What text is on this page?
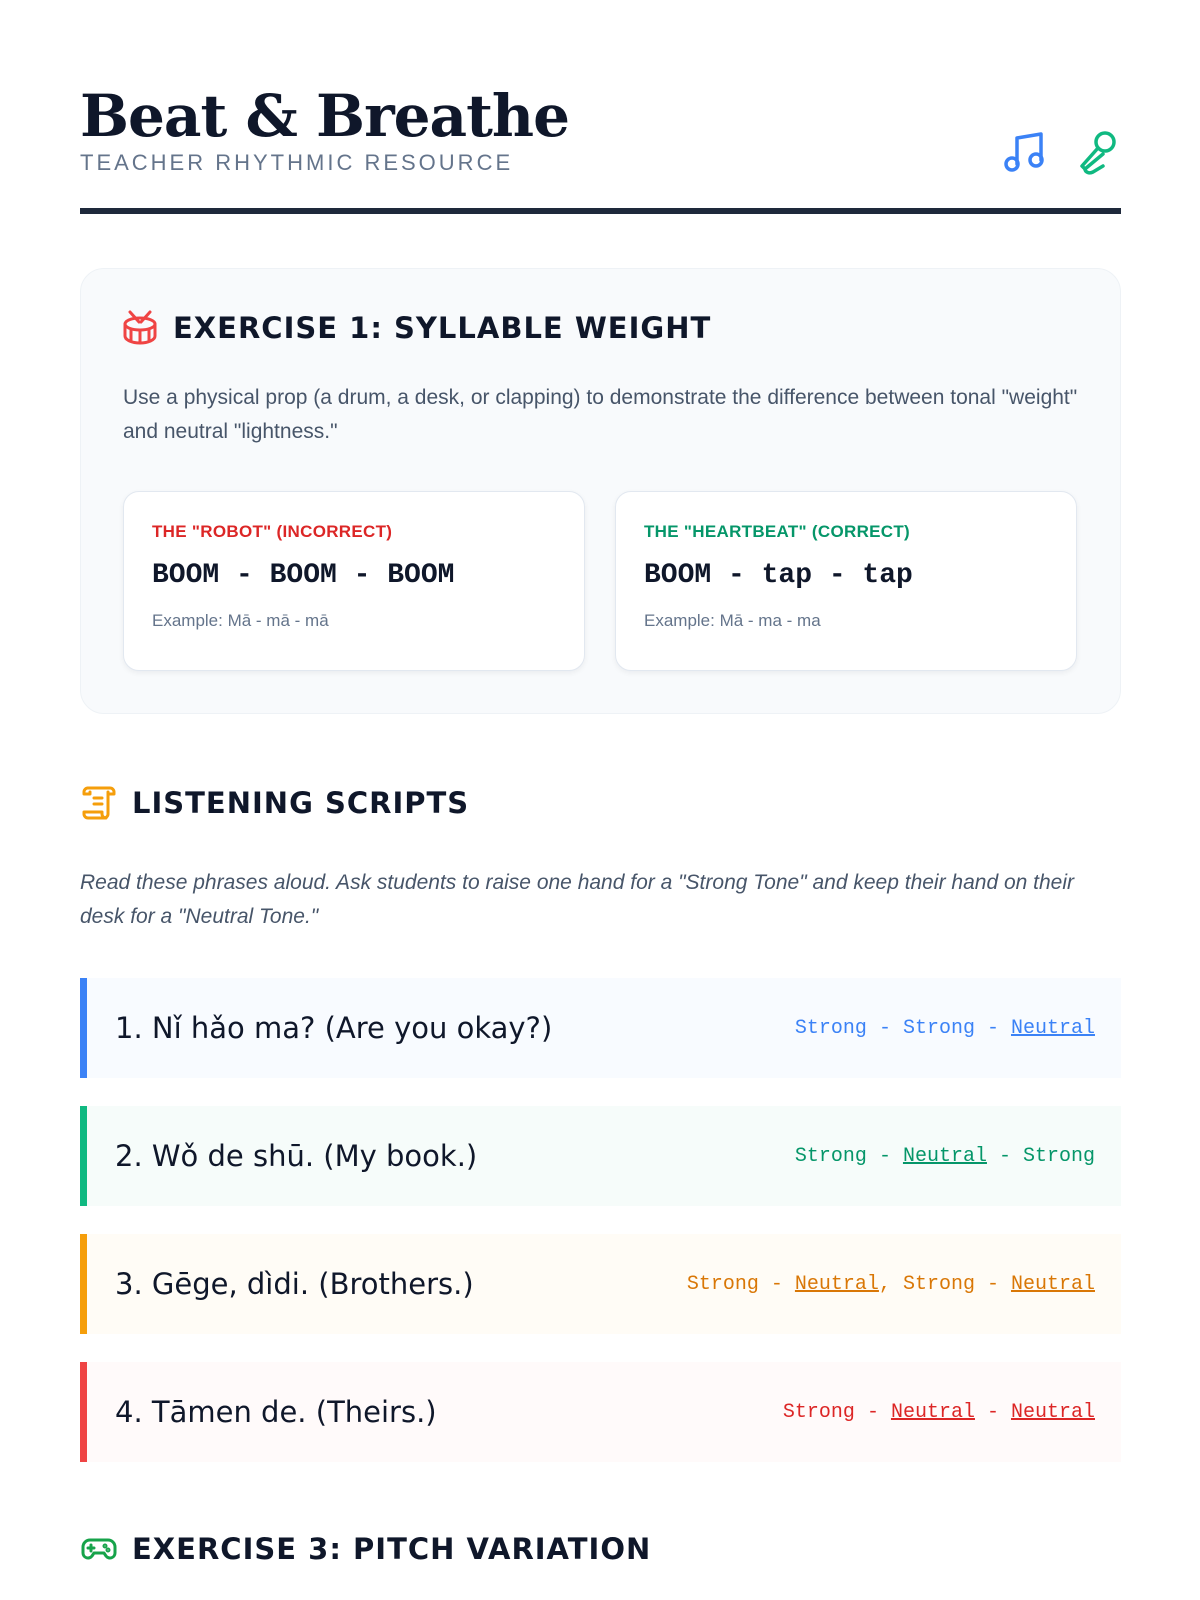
Beat & Breathe
TEACHER RHYTHMIC RESOURCE
EXERCISE 1: SYLLABLE WEIGHT
Use a physical prop (a drum, a desk, or clapping) to demonstrate the difference between tonal "weight" and neutral "lightness."
THE "ROBOT" (INCORRECT)
BOOM - BOOM - BOOM
Example: Mā - mā - mā
THE "HEARTBEAT" (CORRECT)
BOOM - tap - tap
Example: Mā - ma - ma
LISTENING SCRIPTS
Read these phrases aloud. Ask students to raise one hand for a "Strong Tone" and keep their hand on their desk for a "Neutral Tone."
1. Nǐ hǎo ma? (Are you okay?)	Strong - Strong - Neutral
2. Wǒ de shū. (My book.)	Strong - Neutral - Strong
3. Gēge, dìdi. (Brothers.)	Strong - Neutral, Strong - Neutral
4. Tāmen de. (Theirs.)	Strong - Neutral - Neutral
EXERCISE 3: PITCH VARIATION
